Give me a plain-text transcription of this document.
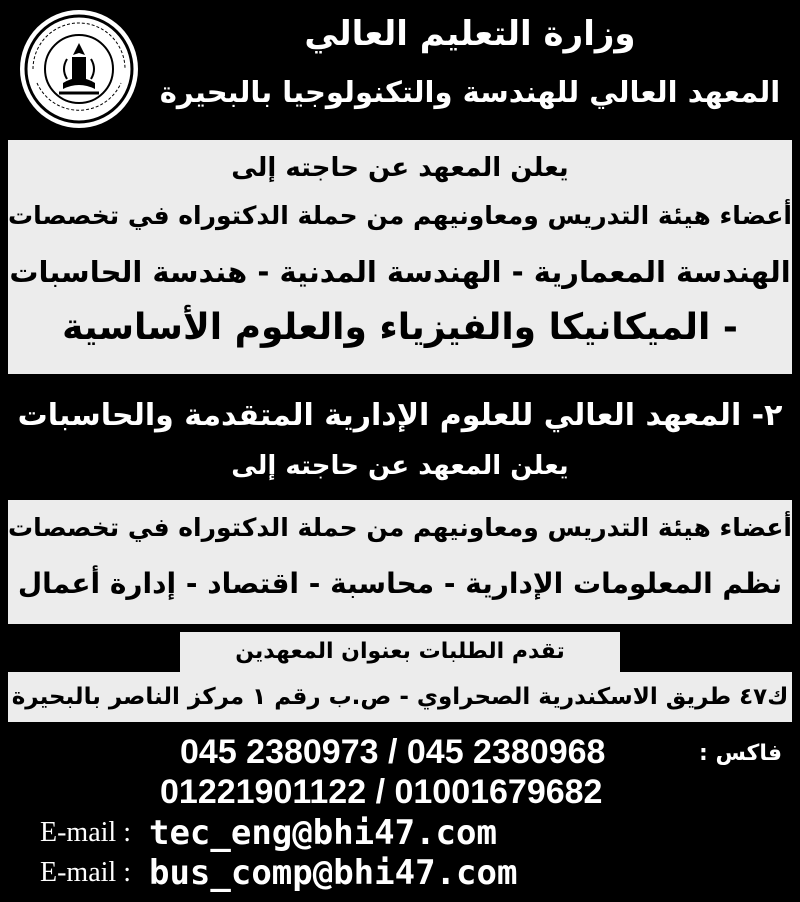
وزارة التعليم العالي
المعهد العالي للهندسة والتكنولوجيا بالبحيرة
يعلن المعهد عن حاجته إلى
أعضاء هيئة التدريس ومعاونيهم من حملة الدكتوراه في تخصصات
الهندسة المعمارية - الهندسة المدنية - هندسة الحاسبات
- الميكانيكا والفيزياء والعلوم الأساسية
٢- المعهد العالي للعلوم الإدارية المتقدمة والحاسبات
يعلن المعهد عن حاجته إلى
أعضاء هيئة التدريس ومعاونيهم من حملة الدكتوراه في تخصصات
نظم المعلومات الإدارية - محاسبة - اقتصاد - إدارة أعمال
تقدم الطلبات بعنوان المعهدين
ك٤٧ طريق الاسكندرية الصحراوي - ص.ب رقم ١ مركز الناصر بالبحيرة
فاكس :
045 2380973 / 045 2380968
01221901122 / 01001679682
E-mail : tec_eng@bhi47.com
E-mail : bus_comp@bhi47.com
